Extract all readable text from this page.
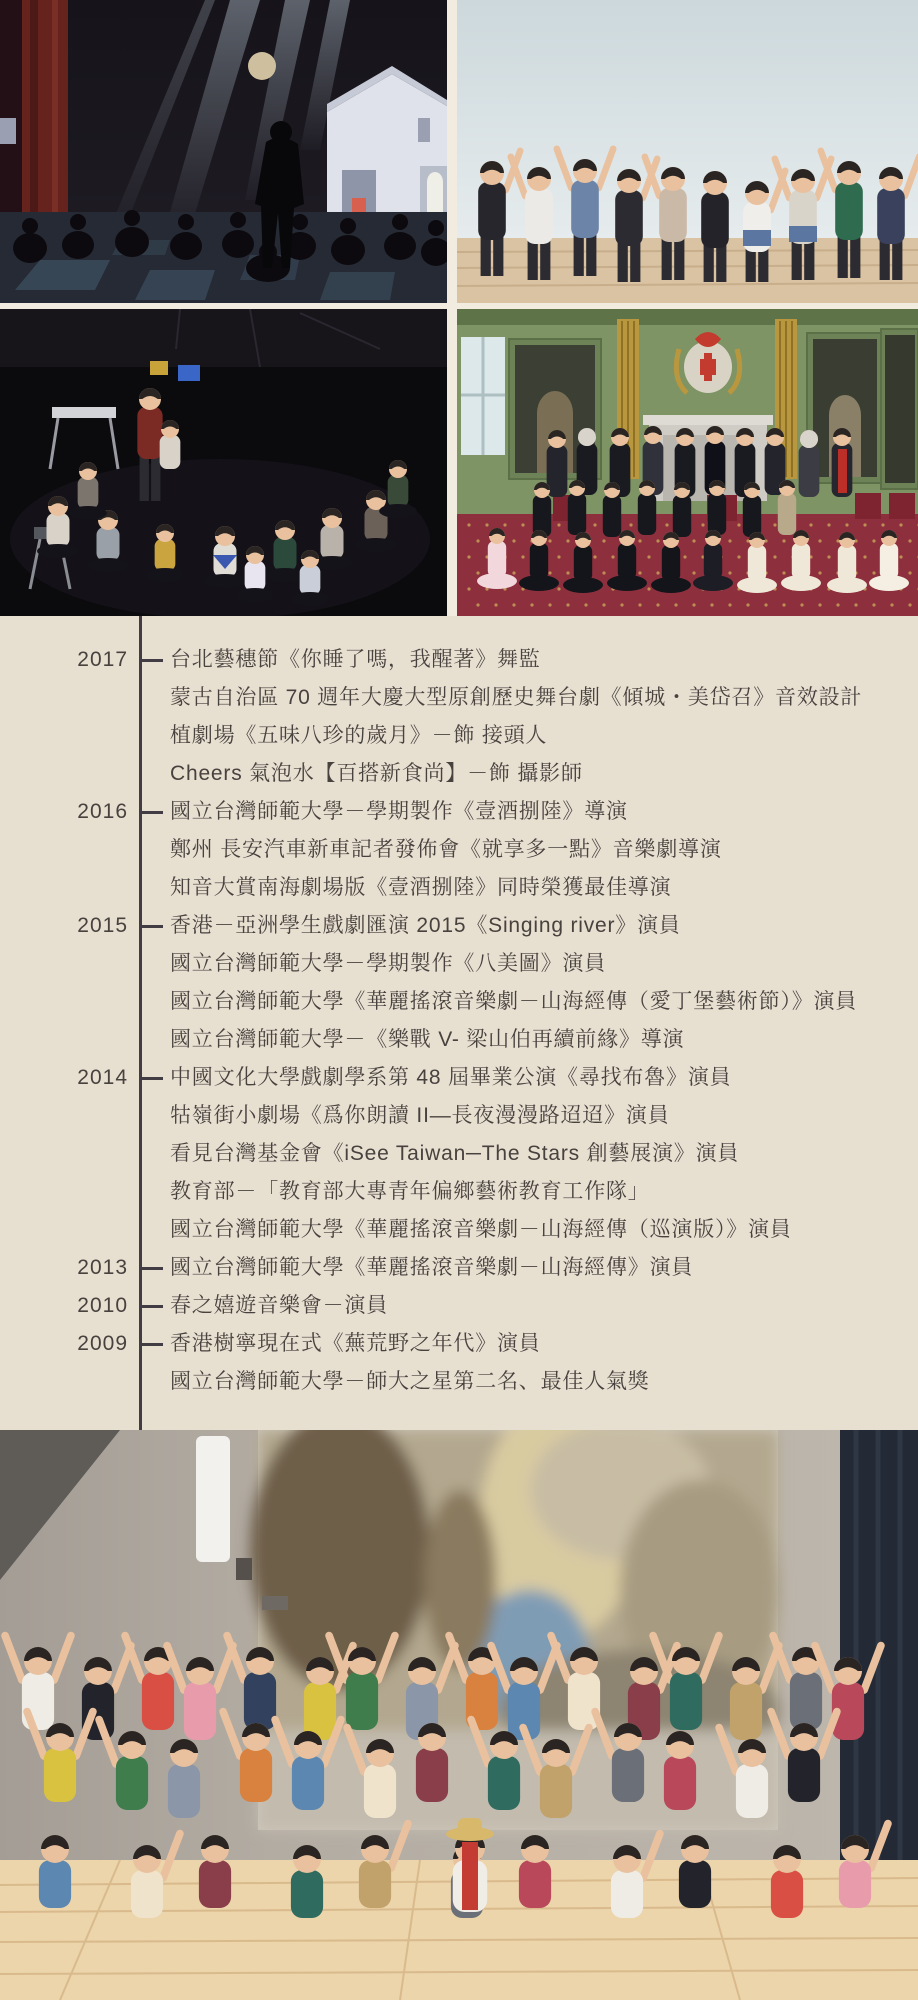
2017 台北藝穗節《你睡了嗎，我醒著》舞監
蒙古自治區 70 週年大慶大型原創歷史舞台劇《傾城・美岱召》音效設計
植劇場《五味八珍的歲月》－飾 接頭人
Cheers 氣泡水【百搭新食尚】－飾 攝影師
2016 國立台灣師範大學－學期製作《壹酒捌陸》導演
鄭州 長安汽車新車記者發佈會《就享多一點》音樂劇導演
知音大賞南海劇場版《壹酒捌陸》同時榮獲最佳導演
2015 香港－亞洲學生戲劇匯演 2015《Singing river》演員
國立台灣師範大學－學期製作《八美圖》演員
國立台灣師範大學《華麗搖滾音樂劇－山海經傳（愛丁堡藝術節）》演員
國立台灣師範大學－《樂戰 V- 梁山伯再續前緣》導演
2014 中國文化大學戲劇學系第 48 屆畢業公演《尋找布魯》演員
牯嶺街小劇場《爲你朗讀 II—長夜漫漫路迢迢》演員
看見台灣基金會《iSee Taiwan─The Stars 創藝展演》演員
教育部－「教育部大專青年偏鄉藝術教育工作隊」
國立台灣師範大學《華麗搖滾音樂劇－山海經傳（巡演版）》演員
2013 國立台灣師範大學《華麗搖滾音樂劇－山海經傳》演員
2010 春之嬉遊音樂會－演員
2009 香港樹寧現在式《蕪荒野之年代》演員
國立台灣師範大學－師大之星第二名、最佳人氣獎
